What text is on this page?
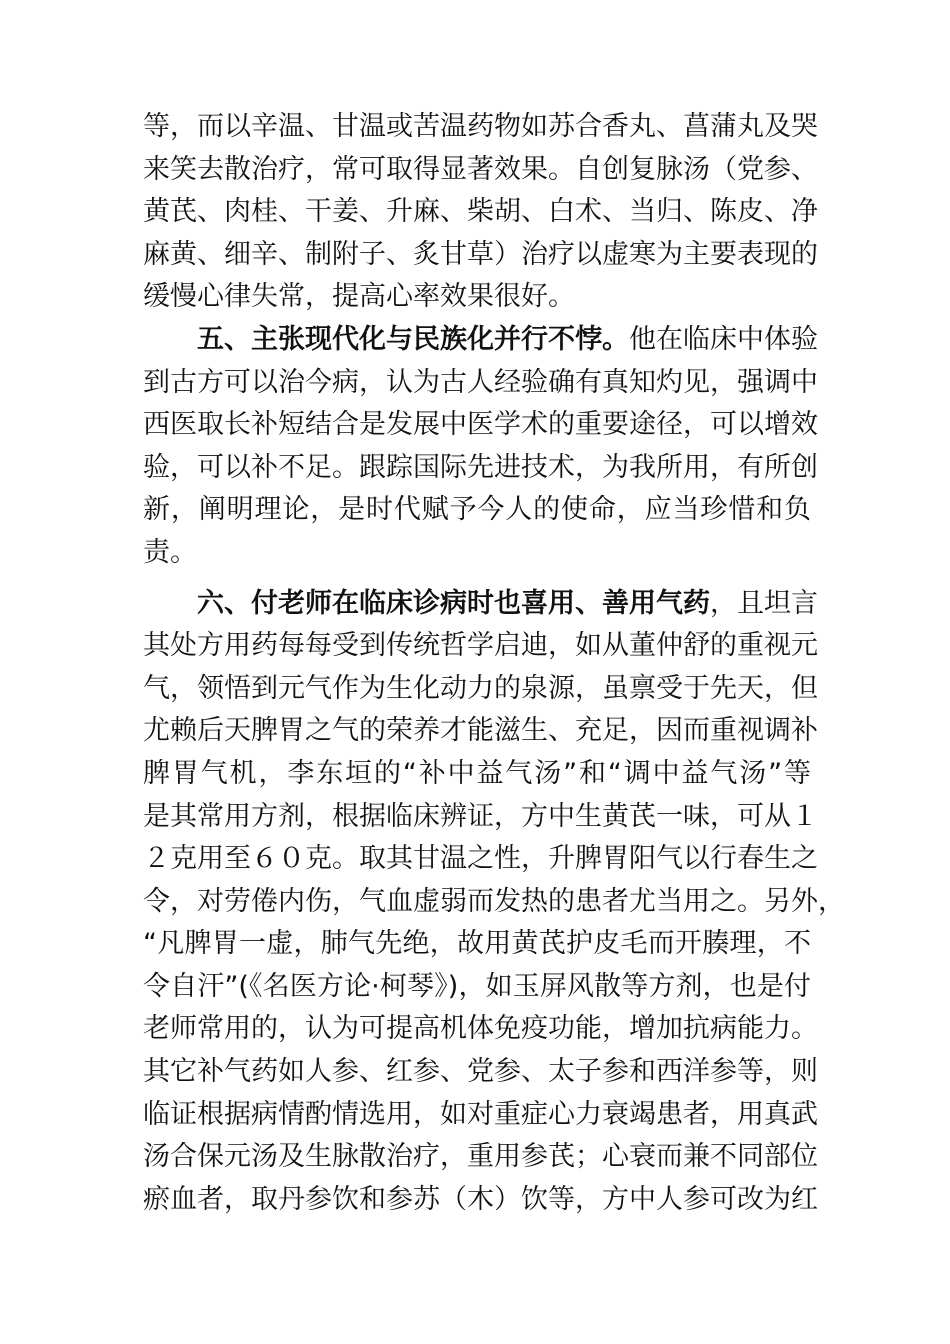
等，而以辛温、甘温或苦温药物如苏合香丸、菖蒲丸及哭
来笑去散治疗，常可取得显著效果。自创复脉汤（党参、
黄芪、肉桂、干姜、升麻、柴胡、白术、当归、陈皮、净
麻黄、细辛、制附子、炙甘草）治疗以虚寒为主要表现的
缓慢心律失常，提高心率效果很好。
五、主张现代化与民族化并行不悖。他在临床中体验
到古方可以治今病，认为古人经验确有真知灼见，强调中
西医取长补短结合是发展中医学术的重要途径，可以增效
验，可以补不足。跟踪国际先进技术，为我所用，有所创
新，阐明理论，是时代赋予今人的使命，应当珍惜和负
责。
六、付老师在临床诊病时也喜用、善用气药，且坦言
其处方用药每每受到传统哲学启迪，如从董仲舒的重视元
气，领悟到元气作为生化动力的泉源，虽禀受于先天，但
尤赖后天脾胃之气的荣养才能滋生、充足，因而重视调补
脾胃气机，李东垣的“补中益气汤”和“调中益气汤”等
是其常用方剂，根据临床辨证，方中生黄芪一味，可从１
２克用至６０克。取其甘温之性，升脾胃阳气以行春生之
令，对劳倦内伤，气血虚弱而发热的患者尤当用之。另外，
“凡脾胃一虚，肺气先绝，故用黄芪护皮毛而开腠理，不
令自汗”(《名医方论·柯琴》)，如玉屏风散等方剂，也是付
老师常用的，认为可提高机体免疫功能，增加抗病能力。
其它补气药如人参、红参、党参、太子参和西洋参等，则
临证根据病情酌情选用，如对重症心力衰竭患者，用真武
汤合保元汤及生脉散治疗，重用参芪；心衰而兼不同部位
瘀血者，取丹参饮和参苏（木）饮等，方中人参可改为红
